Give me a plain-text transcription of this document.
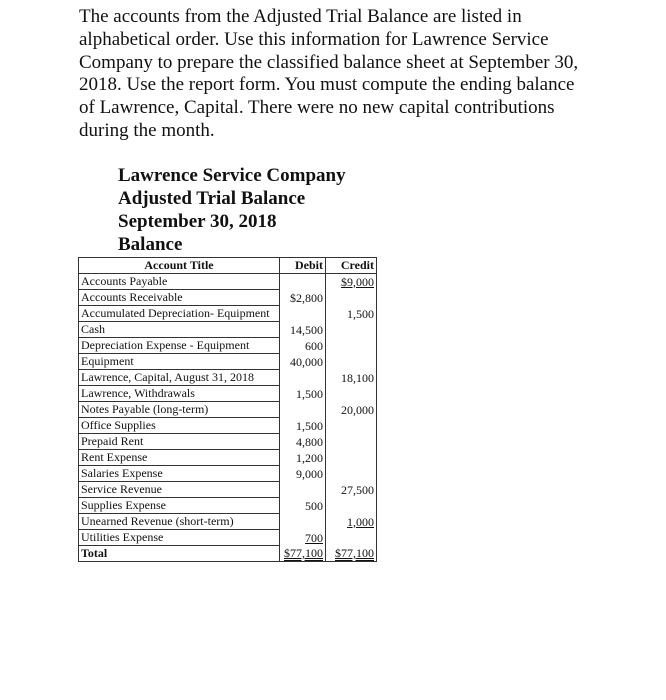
The accounts from the Adjusted Trial Balance are listed in alphabetical order. Use this information for Lawrence Service Company to prepare the classified balance sheet at September 30, 2018. Use the report form. You must compute the ending balance of Lawrence, Capital. There were no new capital contributions during the month.

Lawrence Service Company
Adjusted Trial Balance
September 30, 2018
Balance
Account Title	Debit	Credit
Accounts Payable		$9,000
Accounts Receivable	$2,800	
Accumulated Depreciation- Equipment		1,500
Cash	14,500	
Depreciation Expense - Equipment	600	
Equipment	40,000	
Lawrence, Capital, August 31, 2018		18,100
Lawrence, Withdrawals	1,500	
Notes Payable (long-term)		20,000
Office Supplies	1,500	
Prepaid Rent	4,800	
Rent Expense	1,200	
Salaries Expense	9,000	
Service Revenue		27,500
Supplies Expense	500	
Unearned Revenue (short-term)		1,000
Utilities Expense	700	
Total	$77,100	$77,100
